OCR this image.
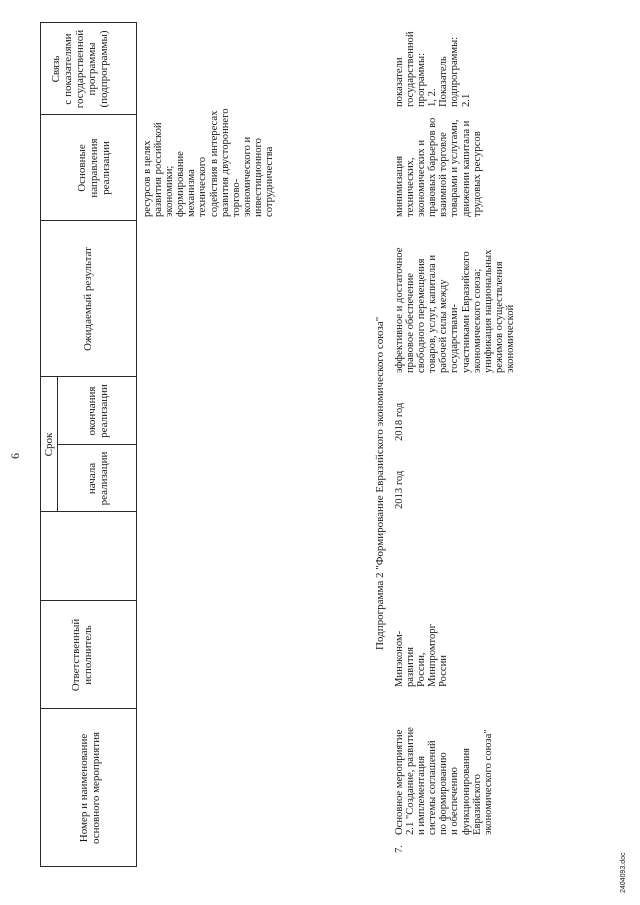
6
Номер и наименование
основного мероприятия
Ответственный
исполнитель
Срок
начала
реализации
окончания
реализации
Ожидаемый результат
Основные направления
реализации
Связь
с показателями
государственной
программы
(подпрограммы)
ресурсов в целях
развития российской
экономики;
формирование
механизма
технического
содействия в интересах
развития двустороннего
торгово-
экономического и
инвестиционного
сотрудничества
Подпрограмма 2 "Формирование Евразийского экономического союза"
7.
Основное мероприятие
2.1 "Создание, развитие
и имплементация
системы соглашений
по формированию
и обеспечению
функционирования
Евразийского
экономического союза"
Минэконом-
развития
России,
Минпромторг
России
2013 год
2018 год
эффективное и достаточное
правовое обеспечение
свободного перемещения
товаров, услуг, капитала и
рабочей силы между
государствами-
участниками Евразийского
экономического союза;
унификация национальных
режимов осуществления
экономической
минимизация
технических,
экономических и
правовых барьеров во
взаимной торговле
товарами и услугами,
движении капитала и
трудовых ресурсов
показатели
государственной
программы:
1, 2.
Показатель
подпрограммы:
2.1
2404093.doc
